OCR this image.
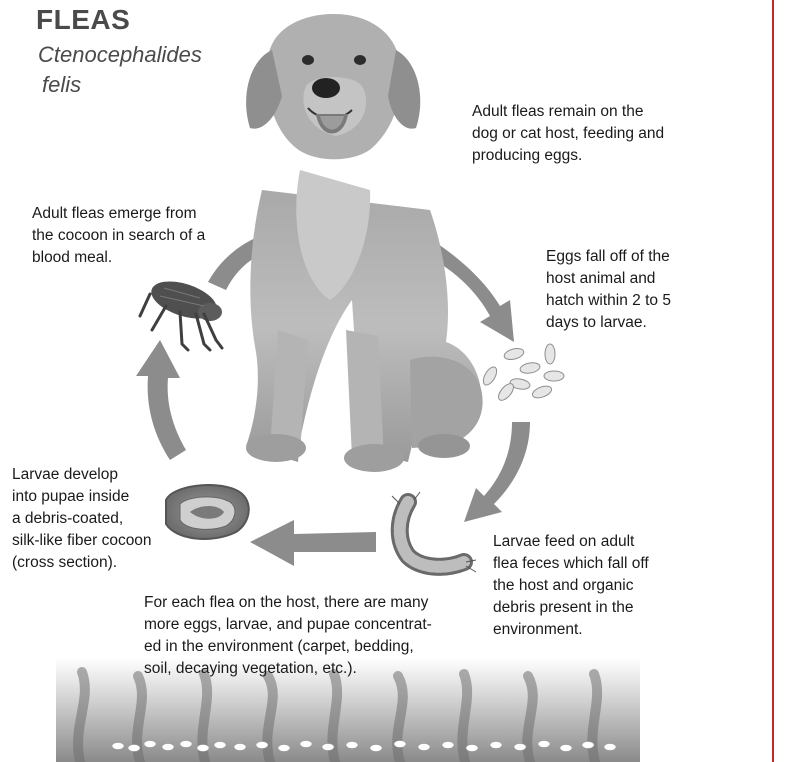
FLEAS
Ctenocephalides
felis

Adult fleas remain on the
dog or cat host, feeding and
producing eggs.

Eggs fall off of the
host animal and
hatch within 2 to 5
days to larvae.

Larvae feed on adult
flea feces which fall off
the host and organic
debris present in the
environment.

Larvae develop
into pupae inside
a debris-coated,
silk-like fiber cocoon
(cross section).

Adult fleas emerge from
the cocoon in search of a
blood meal.

For each flea on the host, there are many
more eggs, larvae, and pupae concentrat-
ed in the environment (carpet, bedding,
soil, decaying vegetation, etc.).
